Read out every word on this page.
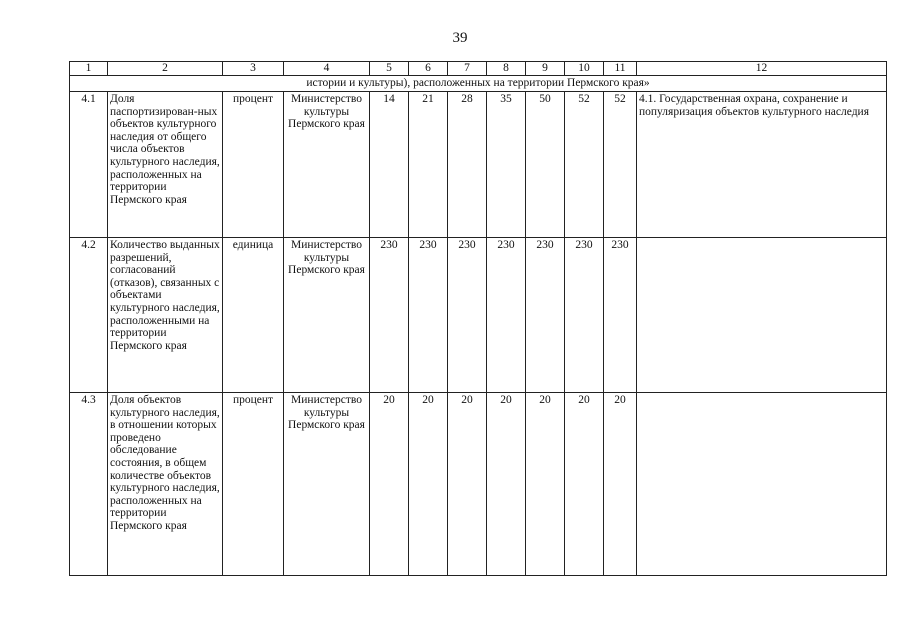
39
1	2	3	4	5	6	7	8	9	10	11	12
истории и культуры), расположенных на территории Пермского края»											
4.1	Доля паспортизирован-ных объектов культурного наследия от общего числа объектов культурного наследия, расположенных на территории Пермского края	процент	Министерство культуры Пермского края	14	21	28	35	50	52	52	4.1. Государственная охрана, сохранение и популяризация объектов культурного наследия
4.2	Количество выданных разрешений, согласований (отказов), связанных с объектами культурного наследия, расположенными на территории Пермского края	единица	Министерство культуры Пермского края	230	230	230	230	230	230	230	
4.3	Доля объектов культурного наследия, в отношении которых проведено обследование состояния, в общем количестве объектов культурного наследия, расположенных на территории Пермского края	процент	Министерство культуры Пермского края	20	20	20	20	20	20	20	
